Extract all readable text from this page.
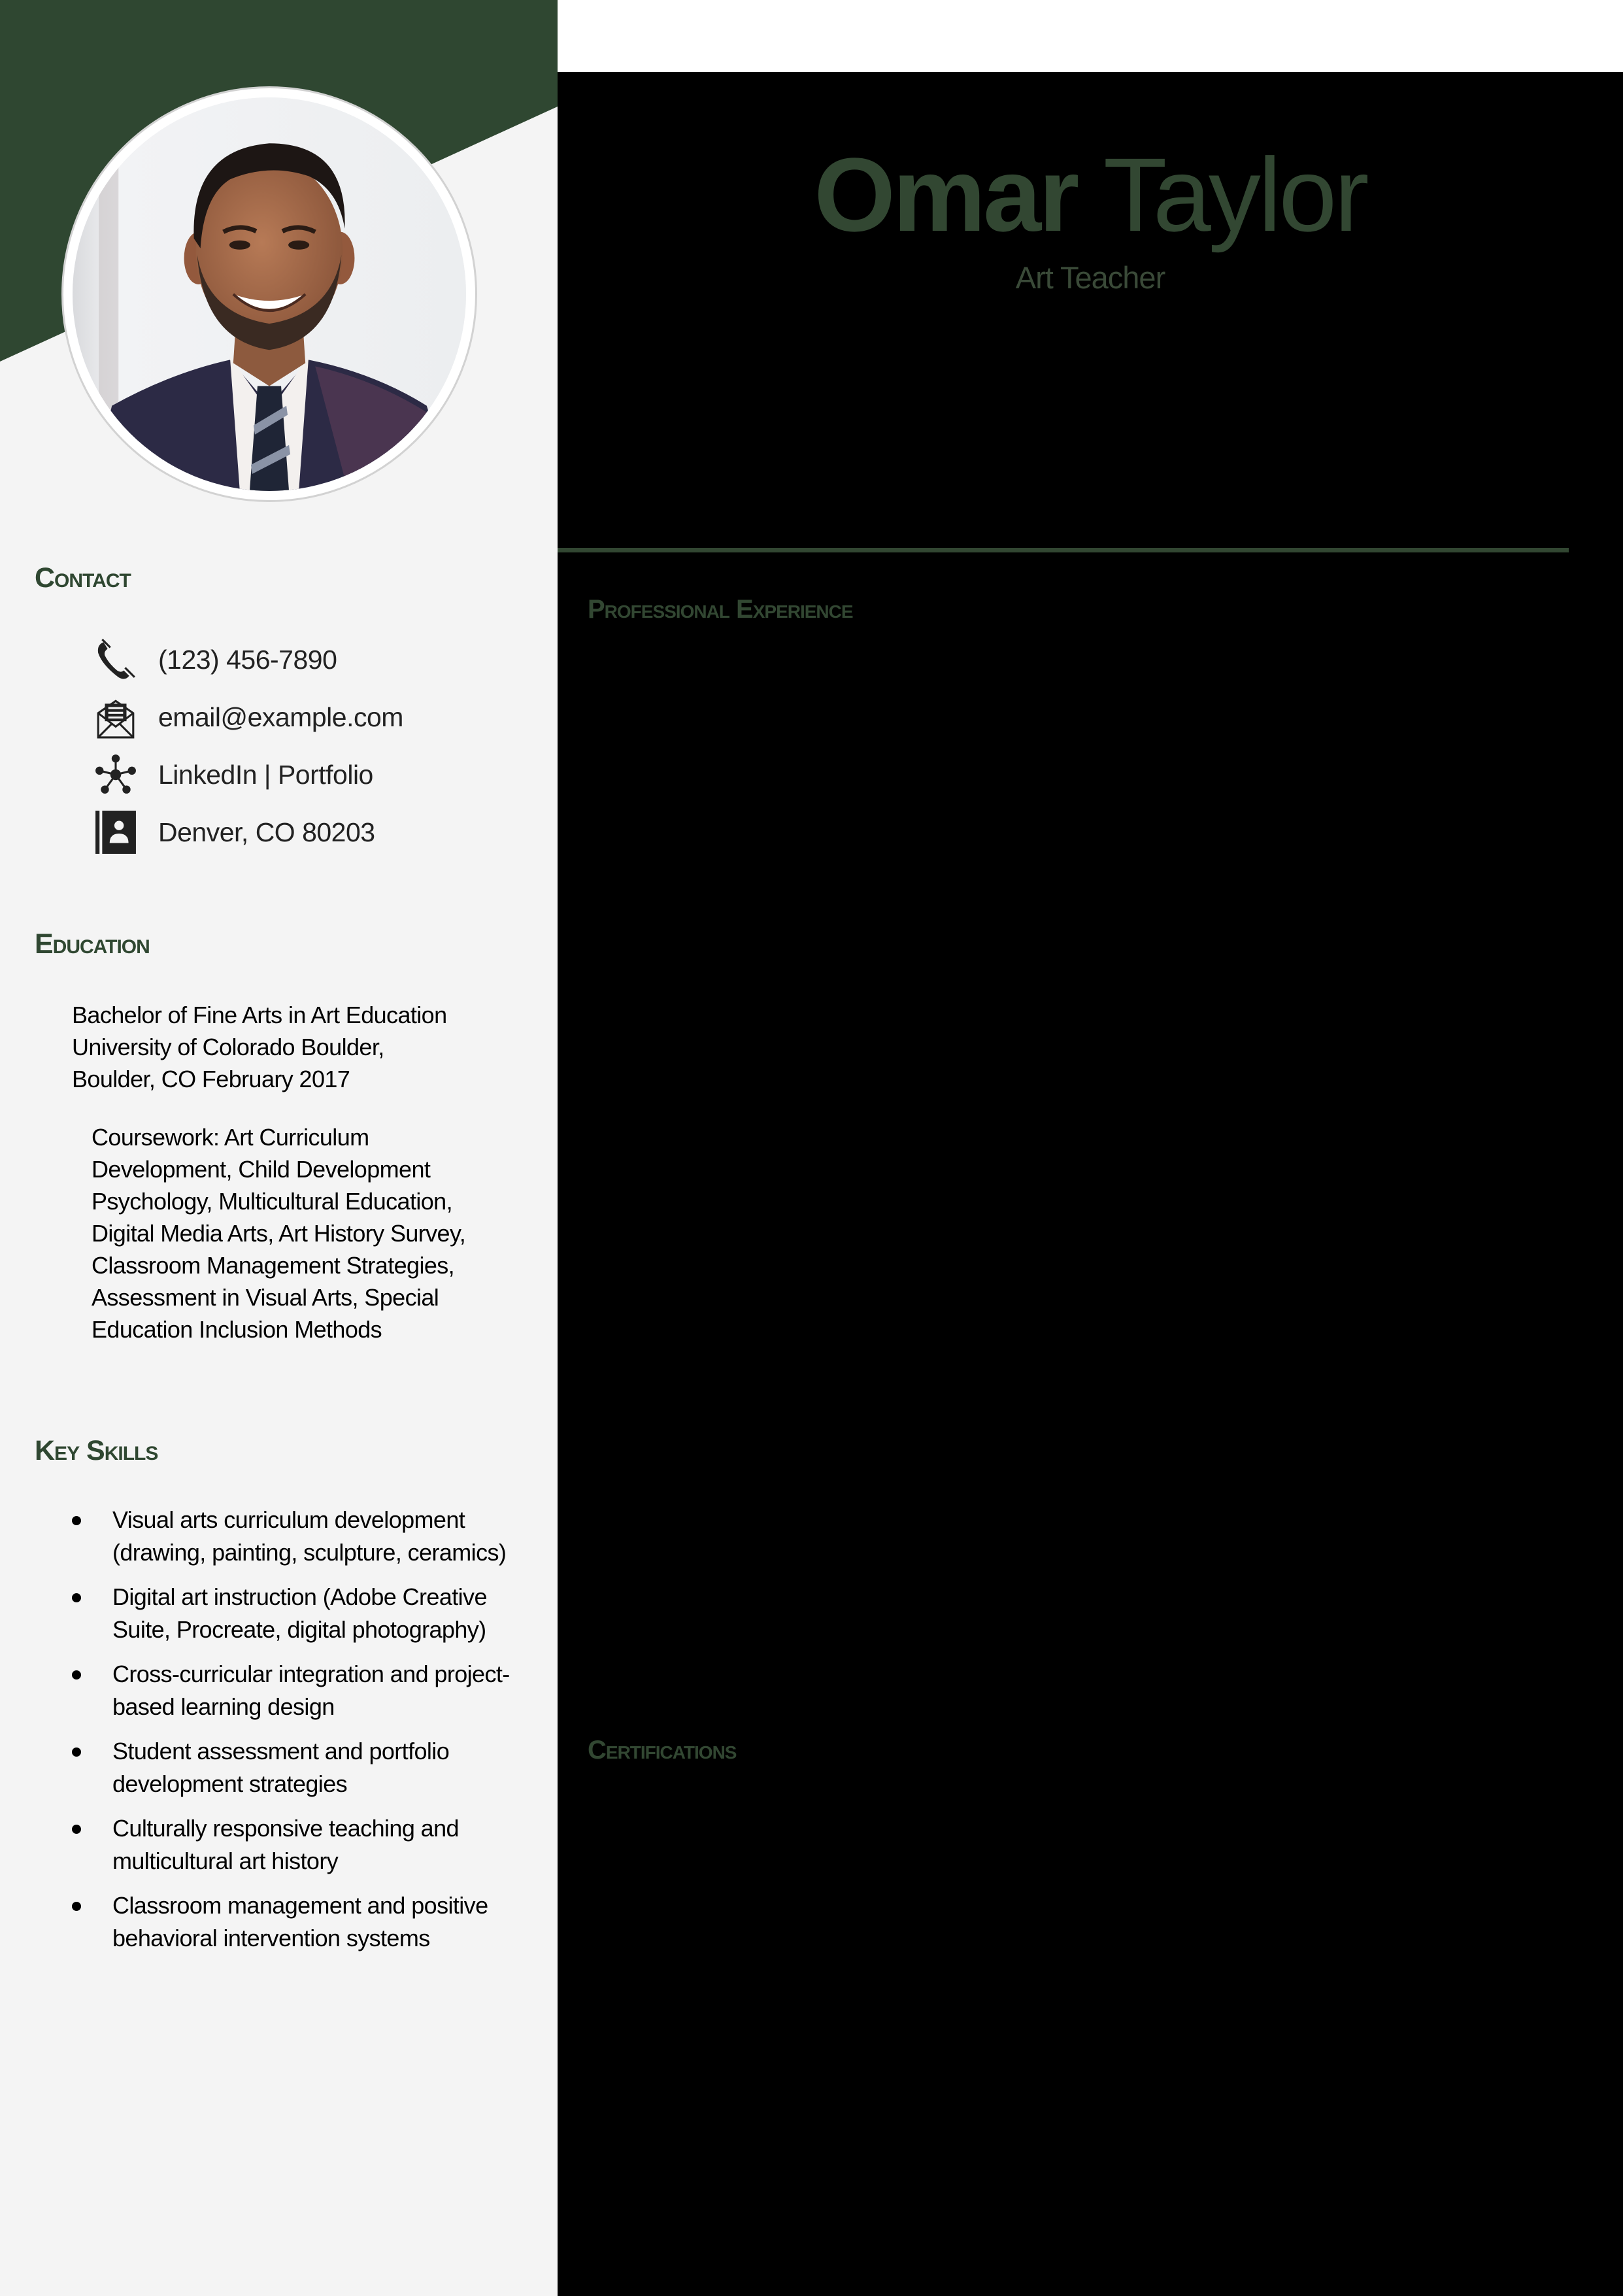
Contact
(123) 456-7890
email@example.com
LinkedIn | Portfolio
Denver, CO 80203
Education

Bachelor of Fine Arts in Art Education
University of Colorado Boulder,
Boulder, CO February 2017

Coursework: Art Curriculum Development, Child Development Psychology, Multicultural Education, Digital Media Arts, Art History Survey, Classroom Management Strategies, Assessment in Visual Arts, Special Education Inclusion Methods

Key Skills
Visual arts curriculum development (drawing, painting, sculpture, ceramics)
Digital art instruction (Adobe Creative Suite, Procreate, digital photography)
Cross-curricular integration and project-based learning design
Student assessment and portfolio development strategies
Culturally responsive teaching and multicultural art history
Classroom management and positive behavioral intervention systems
Omar Taylor

Art Teacher

Professional Experience
Certifications
